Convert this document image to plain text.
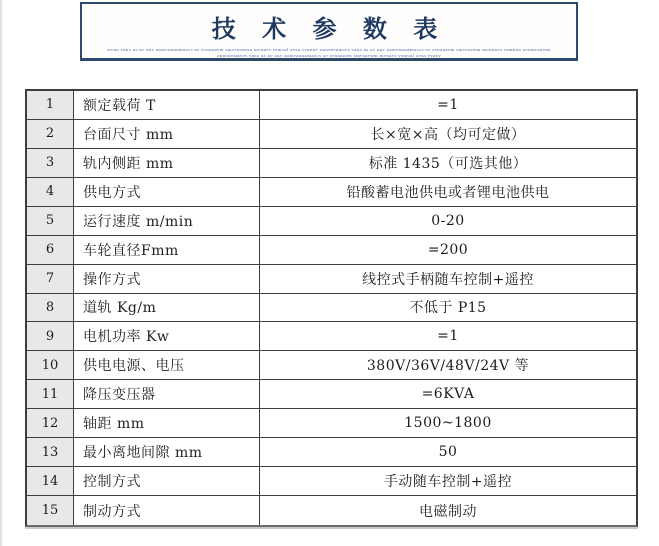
技 术 参 数 表
wvna vans as av anv aamvannamascs av svnaaavm smvsavmwa mvnavs vsmval avsa vvannv annsnvamsvs vans as av anv aamvannamascs av svnaaavm smvsavwm mvnnavs vsmnaa avnmvsnvna
annsnvamsvs vans as av anv aamvannamascs av svnaaavm smvsavwm mvnavs vsmval avsa vvanv
1	额定载荷 T	=1
2	台面尺寸 mm	长×宽×高（均可定做）
3	轨内侧距 mm	标准 1435（可选其他）
4	供电方式	铅酸蓄电池供电或者锂电池供电
5	运行速度 m/min	0-20
6	车轮直径Fmm	=200
7	操作方式	线控式手柄随车控制+遥控
8	道轨 Kg/m	不低于 P15
9	电机功率 Kw	=1
10	供电电源、电压	380V/36V/48V/24V 等
11	降压变压器	=6KVA
12	轴距 mm	1500~1800
13	最小离地间隙 mm	50
14	控制方式	手动随车控制+遥控
15	制动方式	电磁制动
